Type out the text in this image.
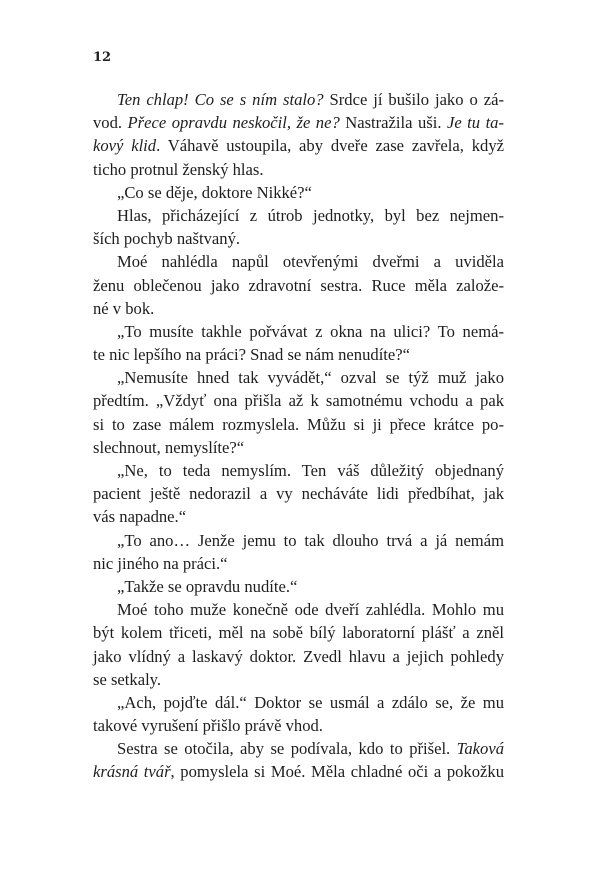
12
Ten chlap! Co se s ním stalo? Srdce jí bušilo jako o zá-
vod. Přece opravdu neskočil, že ne? Nastražila uši. Je tu ta-
kový klid. Váhavě ustoupila, aby dveře zase zavřela, když
ticho protnul ženský hlas.
„Co se děje, doktore Nikké?“
Hlas, přicházející z útrob jednotky, byl bez nejmen-
ších pochyb naštvaný.
Moé nahlédla napůl otevřenými dveřmi a uviděla
ženu oblečenou jako zdravotní sestra. Ruce měla založe-
né v bok.
„To musíte takhle pořvávat z okna na ulici? To nemá-
te nic lepšího na práci? Snad se nám nenudíte?“
„Nemusíte hned tak vyvádět,“ ozval se týž muž jako
předtím. „Vždyť ona přišla až k samotnému vchodu a pak
si to zase málem rozmyslela. Můžu si ji přece krátce po-
slechnout, nemyslíte?“
„Ne, to teda nemyslím. Ten váš důležitý objednaný
pacient ještě nedorazil a vy necháváte lidi předbíhat, jak
vás napadne.“
„To ano… Jenže jemu to tak dlouho trvá a já nemám
nic jiného na práci.“
„Takže se opravdu nudíte.“
Moé toho muže konečně ode dveří zahlédla. Mohlo mu
být kolem třiceti, měl na sobě bílý laboratorní plášť a zněl
jako vlídný a laskavý doktor. Zvedl hlavu a jejich pohledy
se setkaly.
„Ach, pojďte dál.“ Doktor se usmál a zdálo se, že mu
takové vyrušení přišlo právě vhod.
Sestra se otočila, aby se podívala, kdo to přišel. Taková
krásná tvář, pomyslela si Moé. Měla chladné oči a pokožku
